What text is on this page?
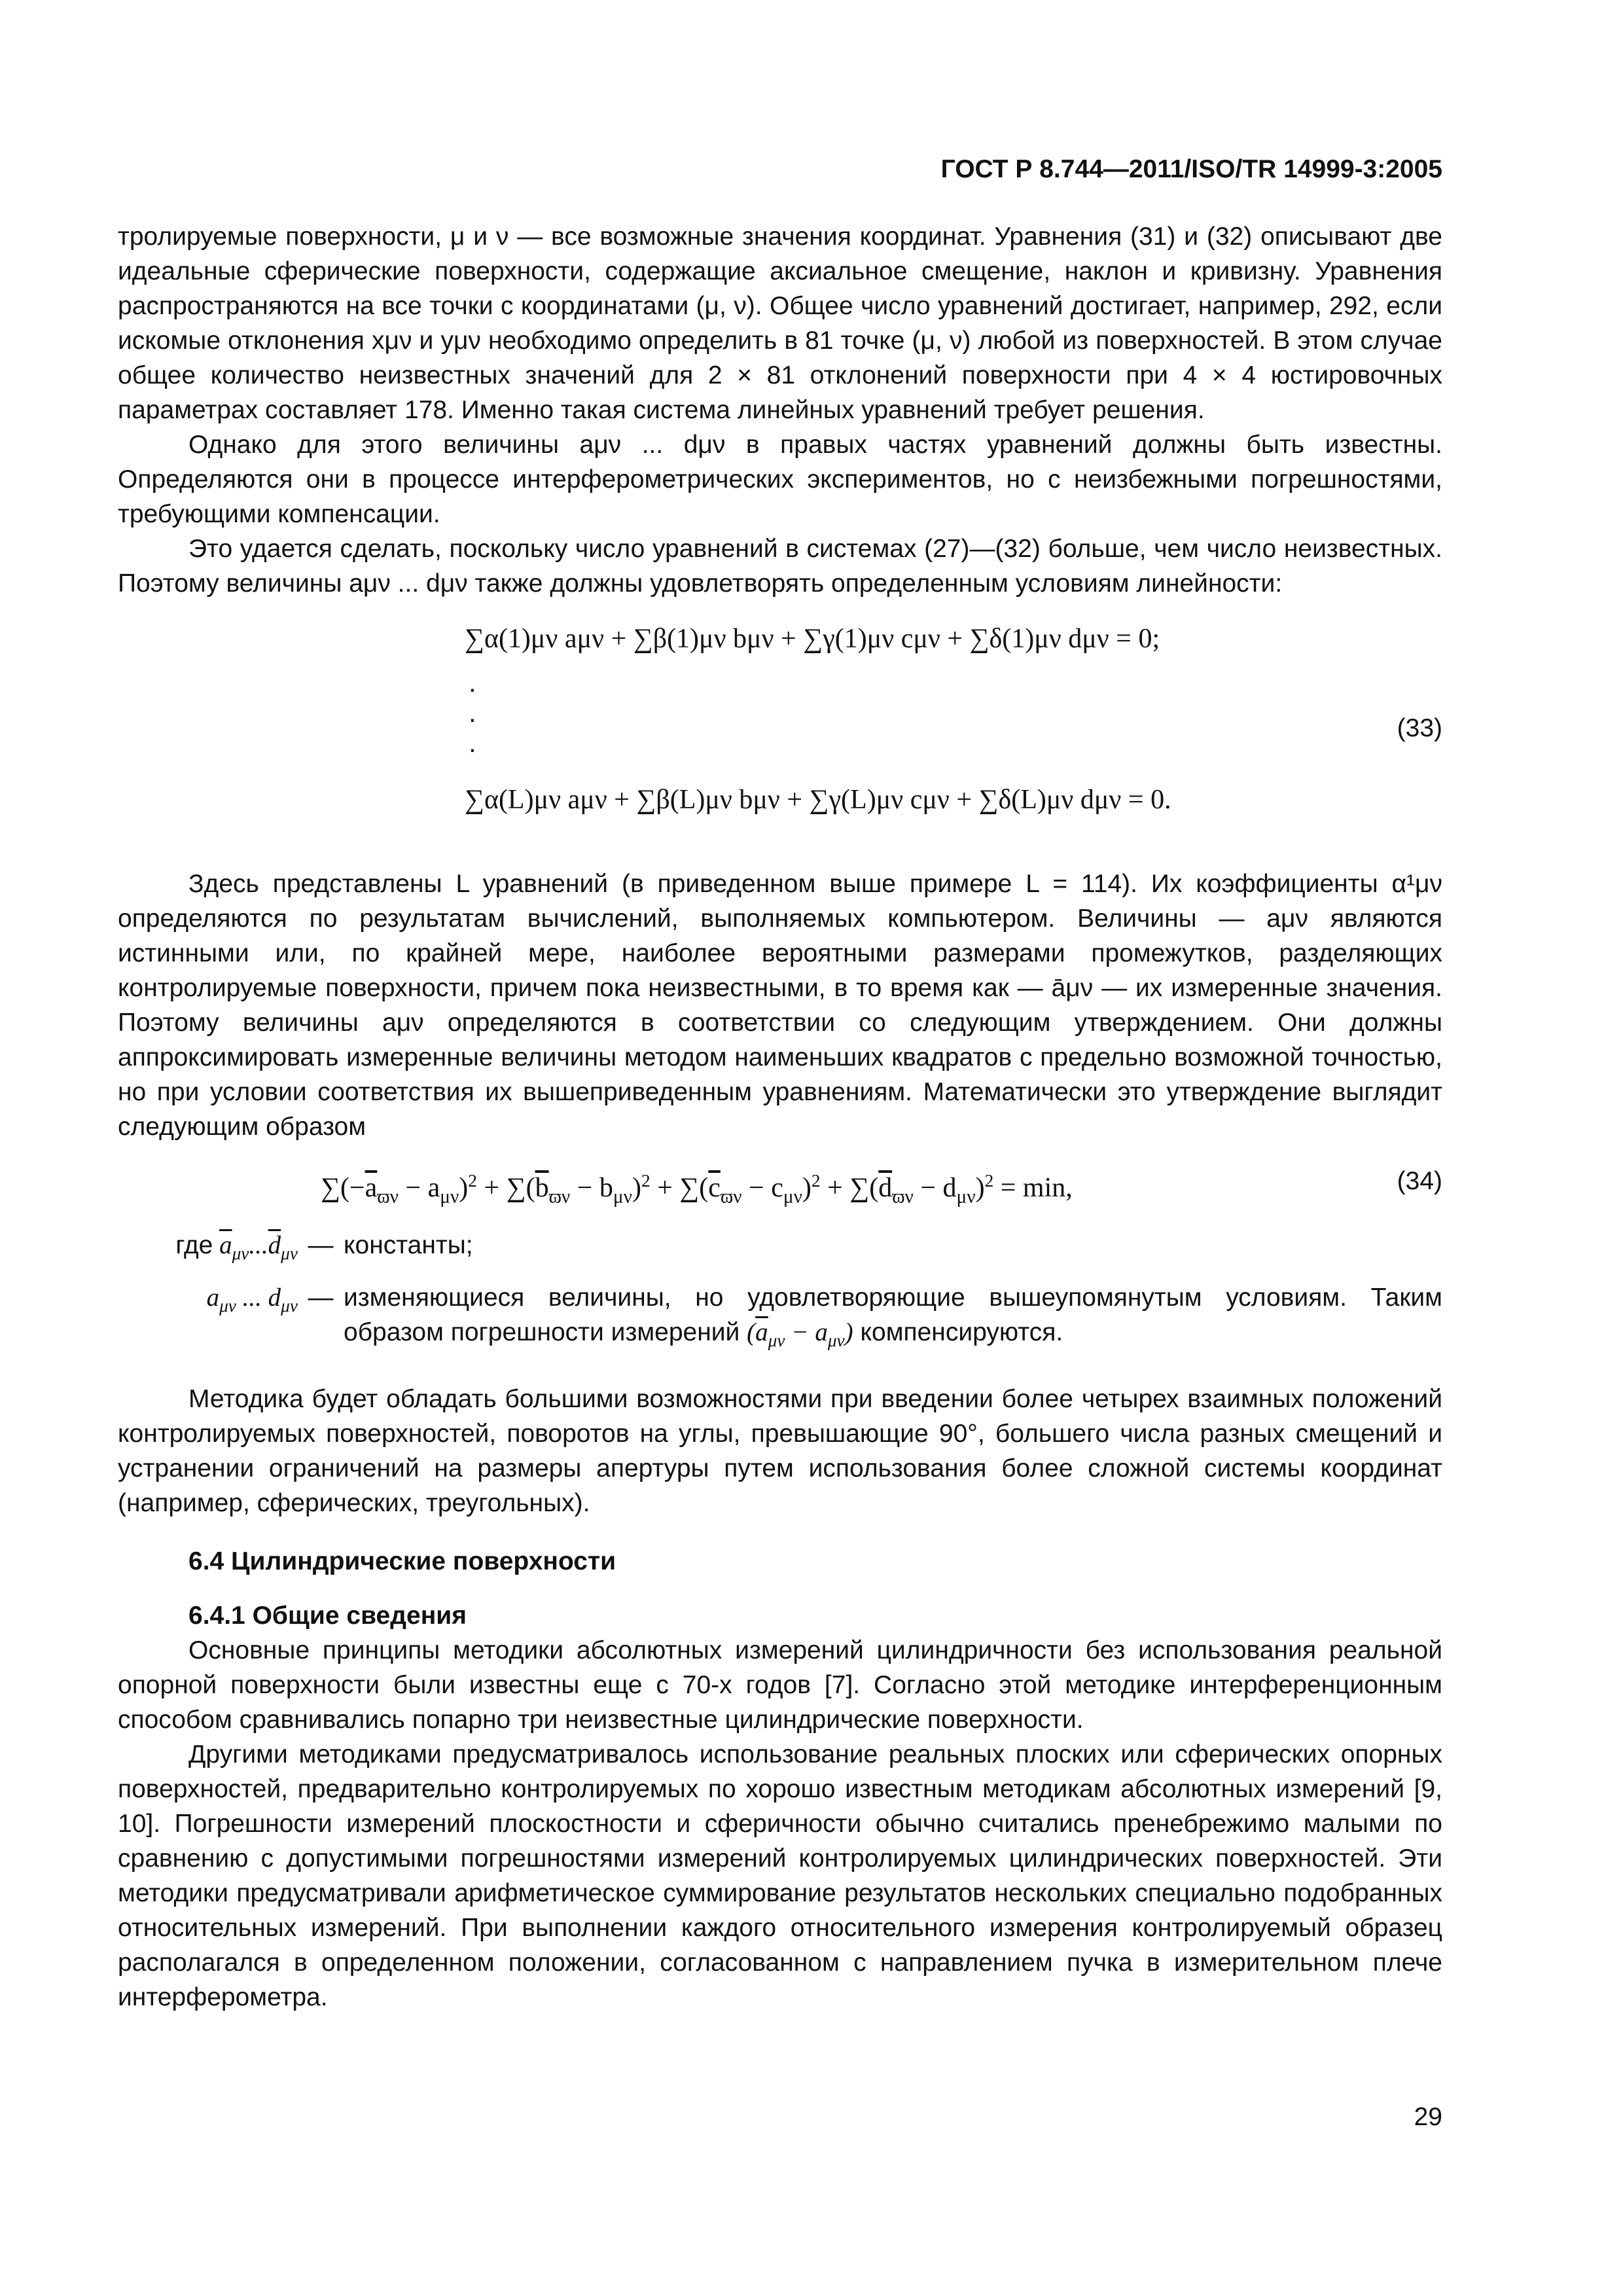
ГОСТ Р 8.744—2011/ISO/TR 14999-3:2005

тролируемые поверхности, μ и ν — все возможные значения координат. Уравнения (31) и (32) описывают две идеальные сферические поверхности, содержащие аксиальное смещение, наклон и кривизну. Уравнения распространяются на все точки с координатами (μ, ν). Общее число уравнений достигает, например, 292, если искомые отклонения xμν и yμν необходимо определить в 81 точке (μ, ν) любой из поверхностей. В этом случае общее количество неизвестных значений для 2 × 81 отклонений поверхности при 4 × 4 юстировочных параметрах составляет 178. Именно такая система линейных уравнений требует решения.

Однако для этого величины aμν ... dμν в правых частях уравнений должны быть известны. Определяются они в процессе интерферометрических экспериментов, но с неизбежными погрешностями, требующими компенсации.

Это удается сделать, поскольку число уравнений в системах (27)—(32) больше, чем число неизвестных. Поэтому величины aμν ... dμν также должны удовлетворять определенным условиям линейности:

∑α(1)μν aμν + ∑β(1)μν bμν + ∑γ(1)μν cμν + ∑δ(1)μν dμν = 0;
.
.
.	(33)
∑α(L)μν aμν + ∑β(L)μν bμν + ∑γ(L)μν cμν + ∑δ(L)μν dμν = 0.

Здесь представлены L уравнений (в приведенном выше примере L = 114). Их коэффициенты α¹μν определяются по результатам вычислений, выполняемых компьютером. Величины — aμν являются истинными или, по крайней мере, наиболее вероятными размерами промежутков, разделяющих контролируемые поверхности, причем пока неизвестными, в то время как — āμν — их измеренные значения. Поэтому величины aμν определяются в соответствии со следующим утверждением. Они должны аппроксимировать измеренные величины методом наименьших квадратов с предельно возможной точностью, но при условии соответствия их вышеприведенным уравнениям. Математически это утверждение выглядит следующим образом

$\sum(-\overline{a}_{ϖ\nu} - a_{\mu\nu})^2 + \sum(\overline{b}_{ϖ\nu} - b_{\mu\nu})^2 + \sum(\overline{c}_{ϖ\nu} - c_{\mu\nu})^2 + \sum(\overline{d}_{ϖ\nu} - d_{\mu\nu})^2 = \min$,	(34)
где $\overline{a}_{\mu\nu}...\overline{d}_{\mu\nu}$ — константы;
$a_{\mu\nu}$ ... $d_{\mu\nu}$ — изменяющиеся величины, но удовлетворяющие вышеупомянутым условиям. Таким образом погрешности измерений $(\overline{a}_{\mu\nu} - a_{\mu\nu})$ компенсируются.

Методика будет обладать большими возможностями при введении более четырех взаимных положений контролируемых поверхностей, поворотов на углы, превышающие 90°, большего числа разных смещений и устранении ограничений на размеры апертуры путем использования более сложной системы координат (например, сферических, треугольных).

6.4 Цилиндрические поверхности
6.4.1 Общие сведения

Основные принципы методики абсолютных измерений цилиндричности без использования реальной опорной поверхности были известны еще с 70-х годов [7]. Согласно этой методике интерференционным способом сравнивались попарно три неизвестные цилиндрические поверхности.

Другими методиками предусматривалось использование реальных плоских или сферических опорных поверхностей, предварительно контролируемых по хорошо известным методикам абсолютных измерений [9, 10]. Погрешности измерений плоскостности и сферичности обычно считались пренебрежимо малыми по сравнению с допустимыми погрешностями измерений контролируемых цилиндрических поверхностей. Эти методики предусматривали арифметическое суммирование результатов нескольких специально подобранных относительных измерений. При выполнении каждого относительного измерения контролируемый образец располагался в определенном положении, согласованном с направлением пучка в измерительном плече интерферометра.

29
